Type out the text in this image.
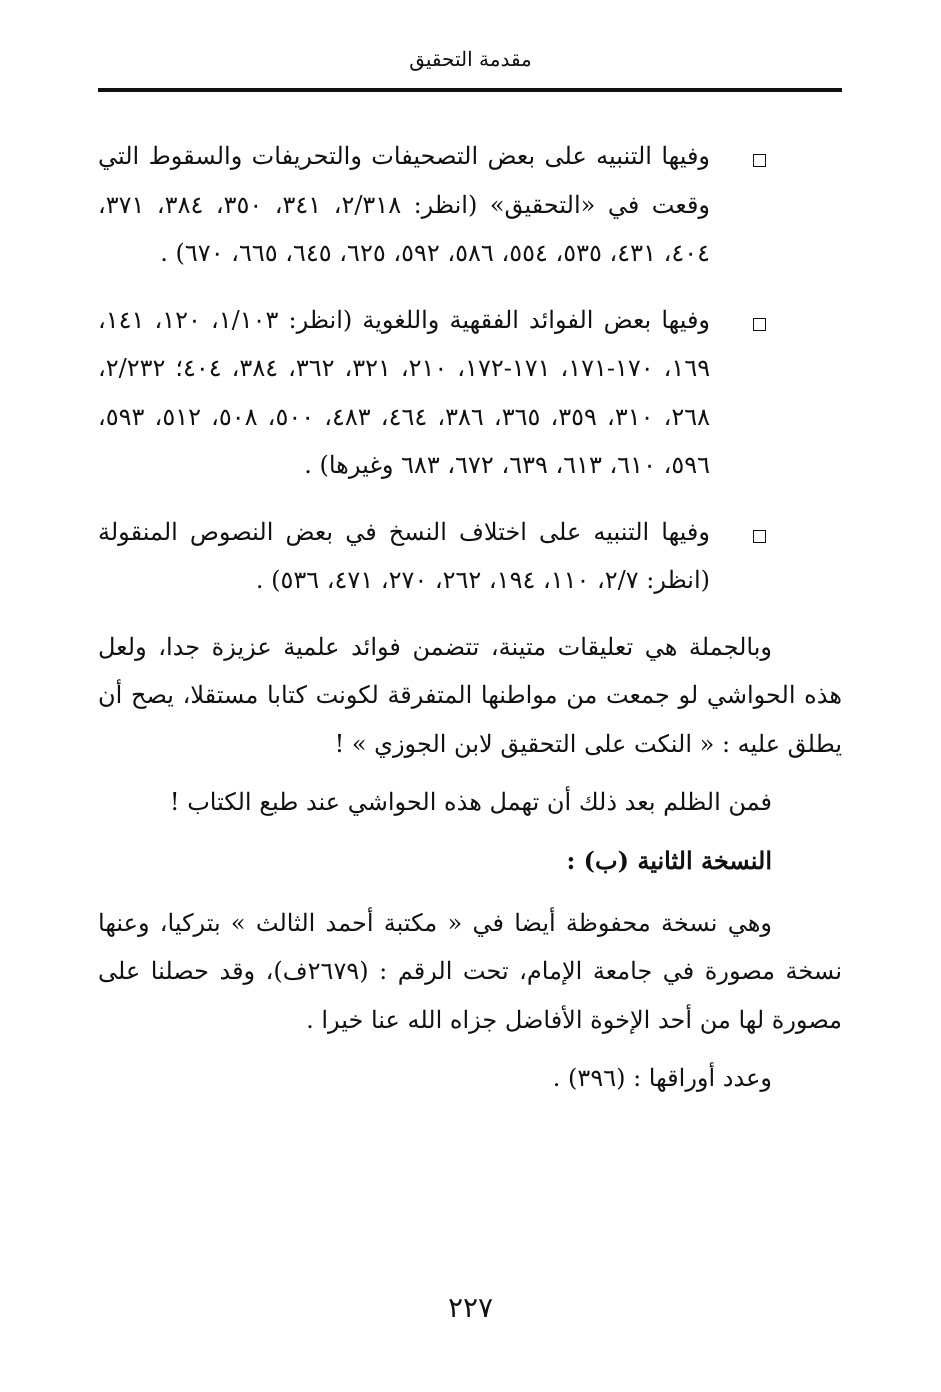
مقدمة التحقيق
وفيها التنبيه على بعض التصحيفات والتحريفات والسقوط التي وقعت في «التحقيق» (انظر: ٢/٣١٨، ٣٤١، ٣٥٠، ٣٨٤، ٣٧١، ٤٠٤، ٤٣١، ٥٣٥، ٥٥٤، ٥٨٦، ٥٩٢، ٦٢٥، ٦٤٥، ٦٦٥، ٦٧٠) .
وفيها بعض الفوائد الفقهية واللغوية (انظر: ١/١٠٣، ١٢٠، ١٤١، ١٦٩، ١٧٠-١٧١، ١٧١-١٧٢، ٢١٠، ٣٢١، ٣٦٢، ٣٨٤، ٤٠٤؛ ٢/٢٣٢، ٢٦٨، ٣١٠، ٣٥٩، ٣٦٥، ٣٨٦، ٤٦٤، ٤٨٣، ٥٠٠، ٥٠٨، ٥١٢، ٥٩٣، ٥٩٦، ٦١٠، ٦١٣، ٦٣٩، ٦٧٢، ٦٨٣ وغيرها) .
وفيها التنبيه على اختلاف النسخ في بعض النصوص المنقولة (انظر: ٢/٧، ١١٠، ١٩٤، ٢٦٢، ٢٧٠، ٤٧١، ٥٣٦) .

وبالجملة هي تعليقات متينة، تتضمن فوائد علمية عزيزة جدا، ولعل هذه الحواشي لو جمعت من مواطنها المتفرقة لكونت كتابا مستقلا، يصح أن يطلق عليه : « النكت على التحقيق لابن الجوزي » !

فمن الظلم بعد ذلك أن تهمل هذه الحواشي عند طبع الكتاب !

النسخة الثانية (ب) :

وهي نسخة محفوظة أيضا في « مكتبة أحمد الثالث » بتركيا، وعنها نسخة مصورة في جامعة الإمام، تحت الرقم : (٢٦٧٩ف)، وقد حصلنا على مصورة لها من أحد الإخوة الأفاضل جزاه الله عنا خيرا .

وعدد أوراقها : (٣٩٦) .

٢٢٧
